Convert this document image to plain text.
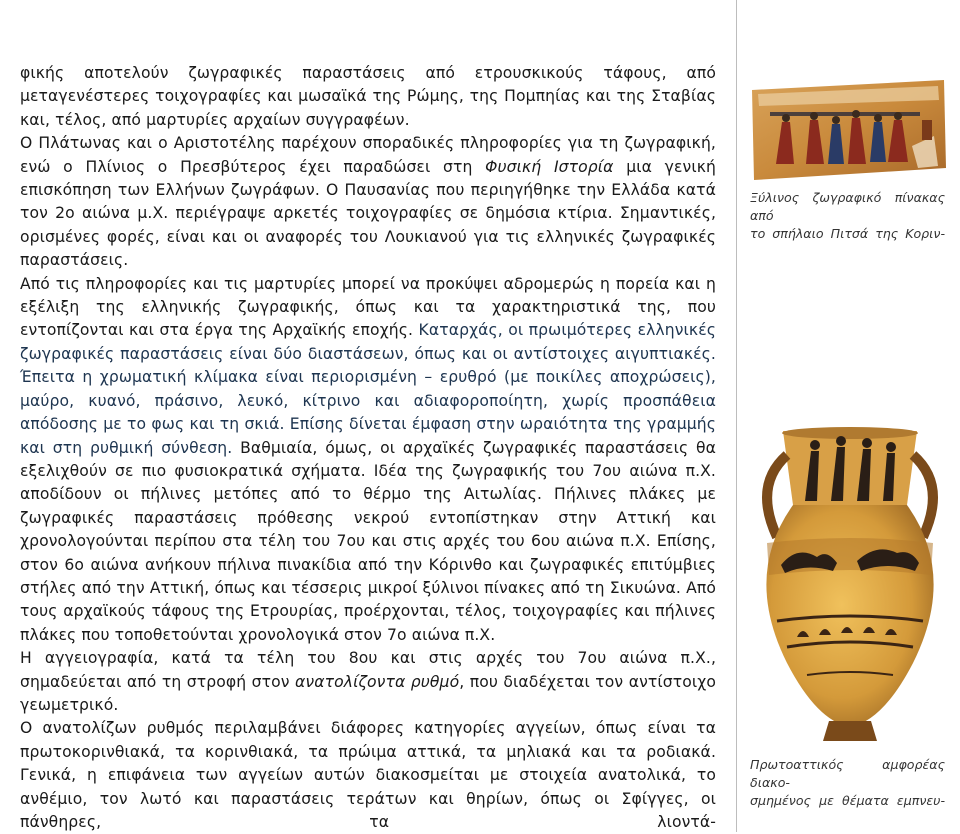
φικής αποτελούν ζωγραφικές παραστάσεις από ετρουσκικούς τάφους, από μεταγενέστερες τοιχογραφίες και μωσαϊκά της Ρώμης, της Πομπηίας και της Σταβίας και, τέλος, από μαρτυρίες αρχαίων συγγραφέων.

Ο Πλάτωνας και ο Αριστοτέλης παρέχουν σποραδικές πληροφορίες για τη ζωγραφική, ενώ ο Πλίνιος ο Πρεσβύτερος έχει παραδώσει στη Φυσική Ιστορία μια γενική επισκόπηση των Ελλήνων ζωγράφων. Ο Παυσανίας που περιηγήθηκε την Ελλάδα κατά τον 2ο αιώνα μ.Χ. περιέγραψε αρκετές τοιχογραφίες σε δημόσια κτίρια. Σημαντικές, ορισμένες φορές, είναι και οι αναφορές του Λουκιανού για τις ελληνικές ζωγραφικές παραστάσεις.

Από τις πληροφορίες και τις μαρτυρίες μπορεί να προκύψει αδρομερώς η πορεία και η εξέλιξη της ελληνικής ζωγραφικής, όπως και τα χαρακτηριστικά της, που εντοπίζονται και στα έργα της Αρχαϊκής εποχής. Καταρχάς, οι πρωιμότερες ελληνικές ζωγραφικές παραστάσεις είναι δύο διαστάσεων, όπως και οι αντίστοιχες αιγυπτιακές. Έπειτα η χρωματική κλίμακα είναι περιορισμένη – ερυθρό (με ποικίλες αποχρώσεις), μαύρο, κυανό, πράσινο, λευκό, κίτρινο και αδιαφοροποίητη, χωρίς προσπάθεια απόδοσης με το φως και τη σκιά. Επίσης δίνεται έμφαση στην ωραιότητα της γραμμής και στη ρυθμική σύνθεση. Βαθμιαία, όμως, οι αρχαϊκές ζωγραφικές παραστάσεις θα εξελιχθούν σε πιο φυσιοκρατικά σχήματα. Ιδέα της ζωγραφικής του 7ου αιώνα π.Χ. αποδίδουν οι πήλινες μετόπες από το θέρμο της Αιτωλίας. Πήλινες πλάκες με ζωγραφικές παραστάσεις πρόθεσης νεκρού εντοπίστηκαν στην Αττική και χρονολογούνται περίπου στα τέλη του 7ου και στις αρχές του 6ου αιώνα π.Χ. Επίσης, στον 6ο αιώνα ανήκουν πήλινα πινακίδια από την Κόρινθο και ζωγραφικές επιτύμβιες στήλες από την Αττική, όπως και τέσσερις μικροί ξύλινοι πίνακες από τη Σικυώνα. Από τους αρχαϊκούς τάφους της Ετρουρίας, προέρχονται, τέλος, τοιχογραφίες και πήλινες πλάκες που τοποθετούνται χρονολογικά στον 7ο αιώνα π.Χ.

Η αγγειογραφία, κατά τα τέλη του 8ου και στις αρχές του 7ου αιώνα π.Χ., σημαδεύεται από τη στροφή στον ανατολίζοντα ρυθμό, που διαδέχεται τον αντίστοιχο γεωμετρικό.

Ο ανατολίζων ρυθμός περιλαμβάνει διάφορες κατηγορίες αγγείων, όπως είναι τα πρωτοκορινθιακά, τα κορινθιακά, τα πρώιμα αττικά, τα μηλιακά και τα ροδιακά. Γενικά, η επιφάνεια των αγγείων αυτών διακοσμείται με στοιχεία ανατολικά, το ανθέμιο, τον λωτό και παραστάσεις τεράτων και θηρίων, όπως οι Σφίγγες, οι πάνθηρες, τα λιοντά-

Ξύλινος ζωγραφικό πίνακας από
το σπήλαιο Πιτσά της Κοριν-
Πρωτοαττικός αμφορέας διακο-
σμημένος με θέματα εμπνευ-
